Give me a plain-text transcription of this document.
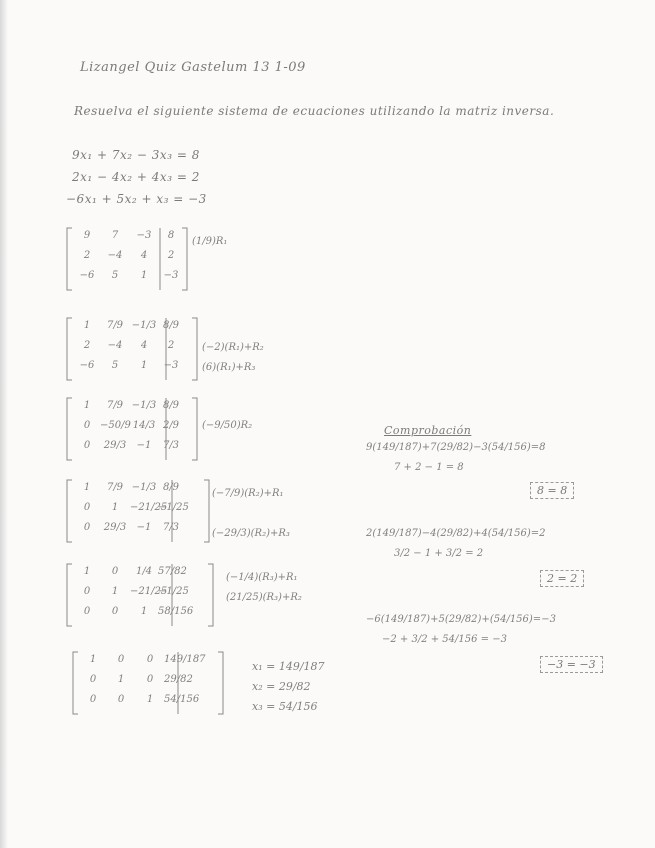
Lizangel Quiz Gastelum 13 1-09
Resuelva el siguiente sistema de ecuaciones utilizando la matriz inversa.
9x₁ + 7x₂ − 3x₃ = 8
2x₁ − 4x₂ + 4x₃ = 2
−6x₁ + 5x₂ + x₃ = −3
9 7 −3 8
2 −4 4 2
−6 5 1 −3
(1/9)R₁
1 7/9 −1/3 8/9
2 −4 4 2
−6 5 1 −3
(−2)(R₁)+R₂
(6)(R₁)+R₃
1 7/9 −1/3 8/9
0 −50/9 14/3 2/9
0 29/3 −1 7/3
(−9/50)R₂
1 7/9 −1/3 8/9
0 1 −21/25−1/25
0 29/3 −1 7/3
(−7/9)(R₂)+R₁
(−29/3)(R₂)+R₃
1 0 1/4 57/82
0 1 −21/25−1/25
0 0 1 58/156
(−1/4)(R₃)+R₁
(21/25)(R₃)+R₂
1 0 0 149/187
0 1 0 29/82
0 0 1 54/156
x₁ = 149/187
x₂ = 29/82
x₃ = 54/156
Comprobación
9(149/187)+7(29/82)−3(54/156)=8
7 + 2 − 1 = 8
8 = 8
2(149/187)−4(29/82)+4(54/156)=2
3/2 − 1 + 3/2 = 2
2 = 2
−6(149/187)+5(29/82)+(54/156)=−3
−2 + 3/2 + 54/156 = −3
−3 = −3
